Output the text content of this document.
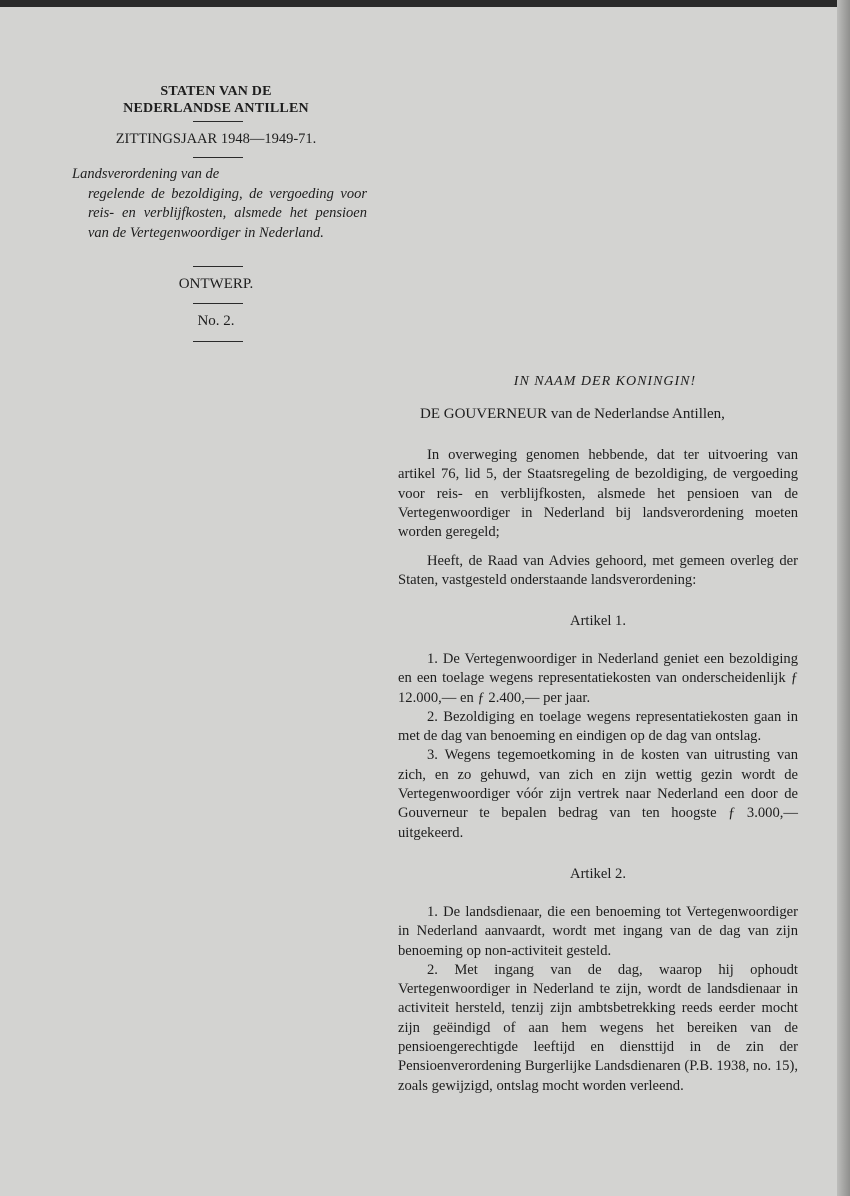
STATEN VAN DE
NEDERLANDSE ANTILLEN
ZITTINGSJAAR 1948—1949-71.
Landsverordening van de
regelende de bezoldiging, de vergoeding voor reis- en verblijfkosten, alsmede het pensioen van de Vertegenwoordiger in Nederland.
ONTWERP.
No. 2.
IN NAAM DER KONINGIN!
DE GOUVERNEUR van de Nederlandse Antillen,

In overweging genomen hebbende, dat ter uitvoering van artikel 76, lid 5, der Staatsregeling de bezoldiging, de vergoeding voor reis- en verblijfkosten, alsmede het pensioen van de Vertegenwoordiger in Nederland bij landsverordening moeten worden geregeld;

Heeft, de Raad van Advies gehoord, met gemeen overleg der Staten, vastgesteld onderstaande landsverordening:

Artikel 1.

1. De Vertegenwoordiger in Nederland geniet een bezoldiging en een toelage wegens representatiekosten van onderscheidenlijk ƒ 12.000,— en ƒ 2.400,— per jaar.

2. Bezoldiging en toelage wegens representatiekosten gaan in met de dag van benoeming en eindigen op de dag van ontslag.

3. Wegens tegemoetkoming in de kosten van uitrusting van zich, en zo gehuwd, van zich en zijn wettig gezin wordt de Vertegenwoordiger vóór zijn vertrek naar Nederland een door de Gouverneur te bepalen bedrag van ten hoogste ƒ 3.000,— uitgekeerd.

Artikel 2.

1. De landsdienaar, die een benoeming tot Vertegenwoordiger in Nederland aanvaardt, wordt met ingang van de dag van zijn benoeming op non-activiteit gesteld.

2. Met ingang van de dag, waarop hij ophoudt Vertegenwoordiger in Nederland te zijn, wordt de landsdienaar in activiteit hersteld, tenzij zijn ambtsbetrekking reeds eerder mocht zijn geëindigd of aan hem wegens het bereiken van de pensioengerechtigde leeftijd en diensttijd in de zin der Pensioenverordening Burgerlijke Landsdienaren (P.B. 1938, no. 15), zoals gewijzigd, ontslag mocht worden verleend.
